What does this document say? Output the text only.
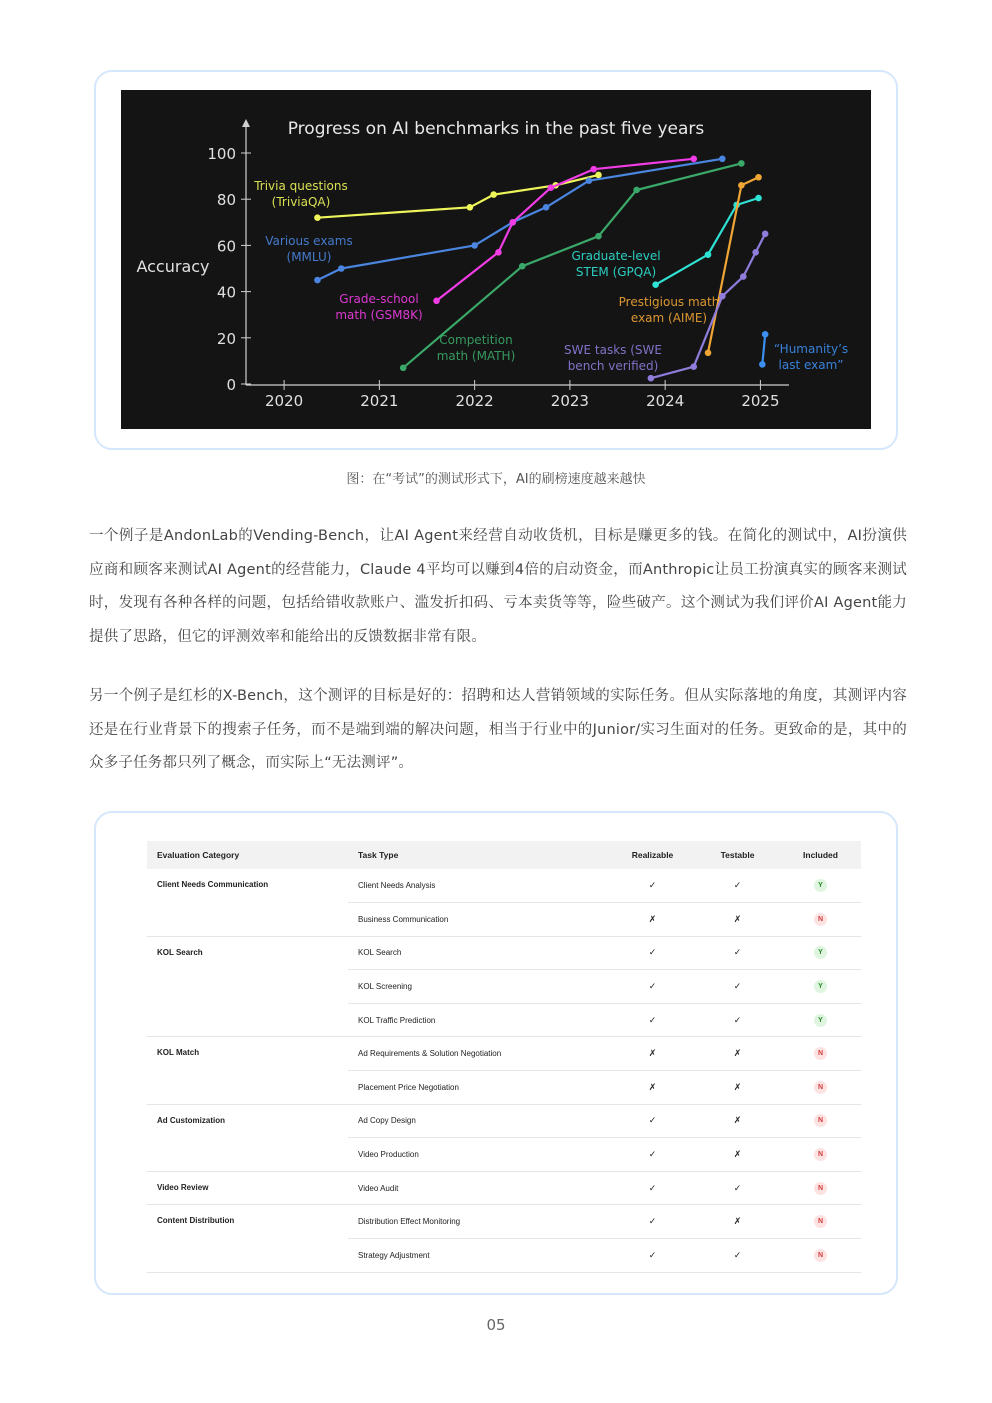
Progress on AI benchmarks in the past five years
Accuracy
0
20
40
60
80
100
2020	2021	2022	2023	2024	2025
Trivia questions
(TriviaQA)
Various exams
(MMLU)
Grade-school
math (GSM8K)
Competition
math (MATH)
Graduate-level
STEM (GPQA)
Prestigious math
exam (AIME)
SWE tasks (SWE
bench verified)
“Humanity’s
last exam”
图：在“考试”的测试形式下，AI的刷榜速度越来越快

一个例子是AndonLab的Vending-Bench，让AI Agent来经营自动收货机，目标是赚更多的钱。在简化的测试中，AI扮演供应商和顾客来测试AI Agent的经营能力，Claude 4平均可以赚到4倍的启动资金，而Anthropic让员工扮演真实的顾客来测试时，发现有各种各样的问题，包括给错收款账户、滥发折扣码、亏本卖货等等，险些破产。这个测试为我们评价AI Agent能力提供了思路，但它的评测效率和能给出的反馈数据非常有限。

另一个例子是红杉的X-Bench，这个测评的目标是好的：招聘和达人营销领域的实际任务。但从实际落地的角度，其测评内容还是在行业背景下的搜索子任务，而不是端到端的解决问题，相当于行业中的Junior/实习生面对的任务。更致命的是，其中的众多子任务都只列了概念，而实际上“无法测评”。

Evaluation Category	Task Type	Realizable	Testable	Included
Client Needs Communication	Client Needs Analysis	✓	✓	Y
	Business Communication	✗	✗	N
KOL Search	KOL Search	✓	✓	Y
	KOL Screening	✓	✓	Y
	KOL Traffic Prediction	✓	✓	Y
KOL Match	Ad Requirements & Solution Negotiation	✗	✗	N
	Placement Price Negotiation	✗	✗	N
Ad Customization	Ad Copy Design	✓	✗	N
	Video Production	✓	✗	N
Video Review	Video Audit	✓	✓	N
Content Distribution	Distribution Effect Monitoring	✓	✗	N
	Strategy Adjustment	✓	✓	N
05
